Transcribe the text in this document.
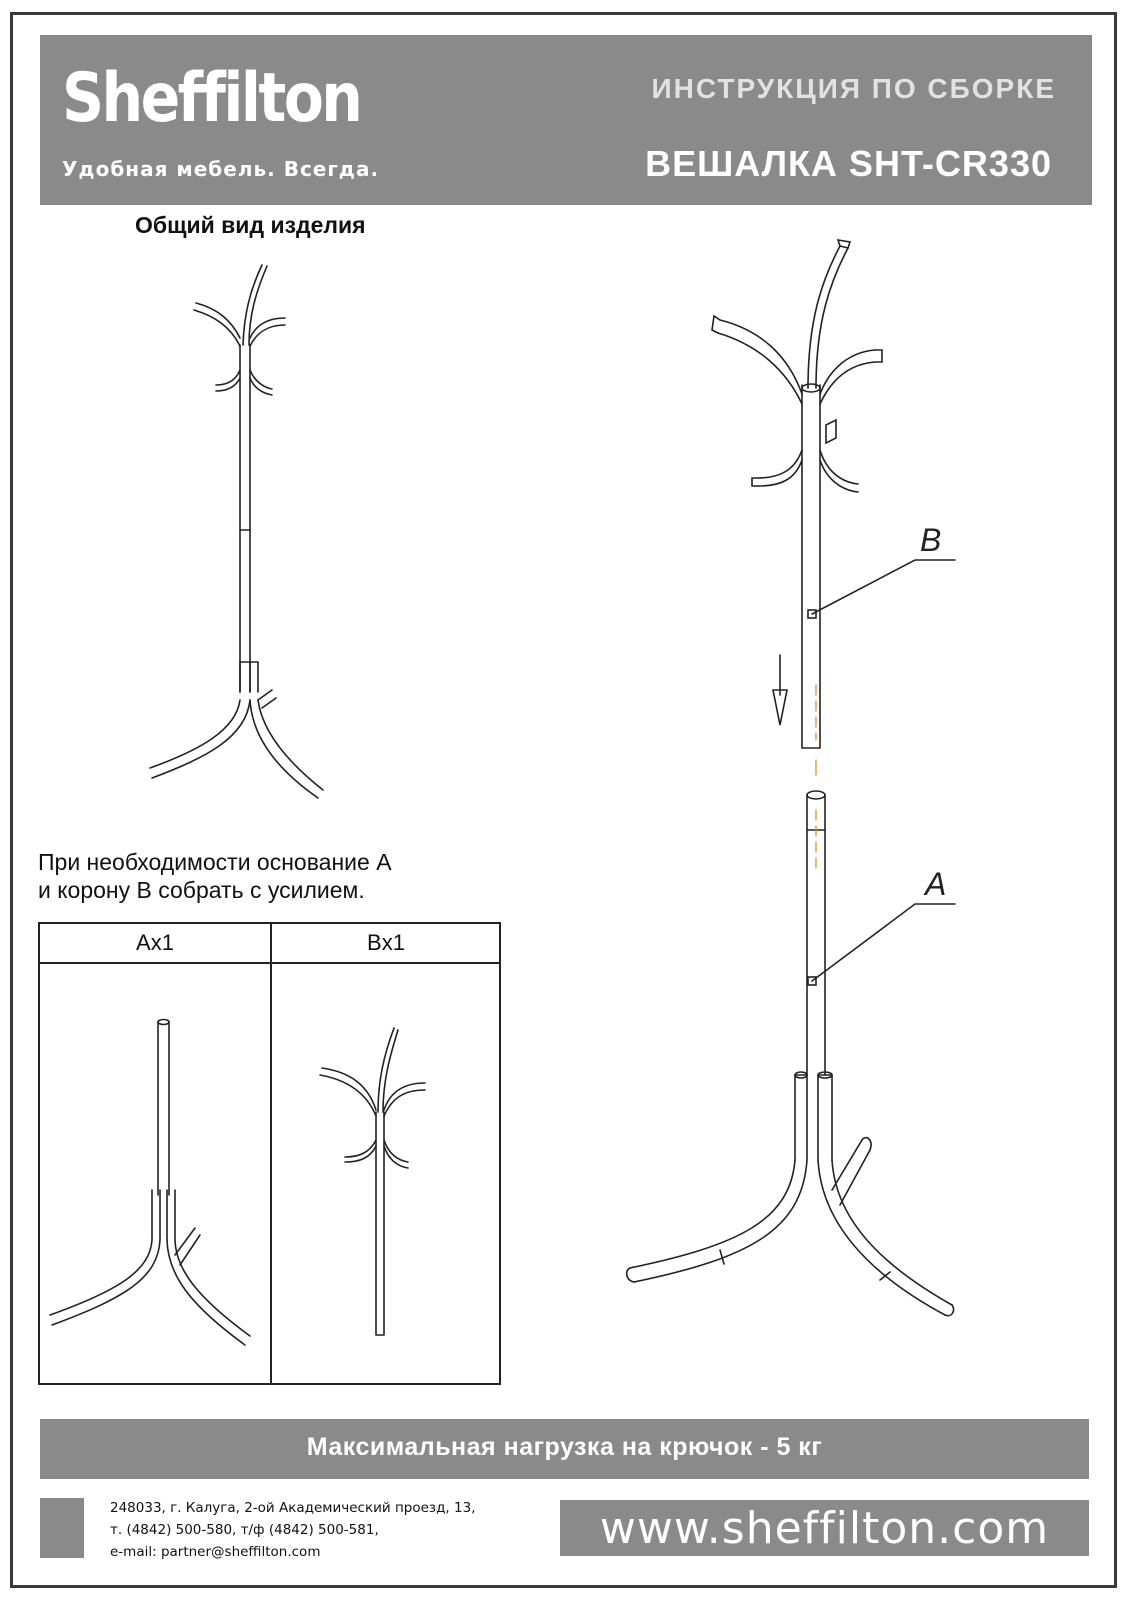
Sheffilton
Удобная мебель. Всегда.
ИНСТРУКЦИЯ ПО СБОРКЕ
ВЕШАЛКА SHT-CR330
Общий вид изделия
При необходимости основание А
и корону В собрать с усилием.
Ax1	Bx1
B
A
Максимальная нагрузка на крючок - 5 кг
248033, г. Калуга, 2-ой Академический проезд, 13,
т. (4842) 500-580, т/ф (4842) 500-581,
e-mail: partner@sheffilton.com	www.sheffilton.com
